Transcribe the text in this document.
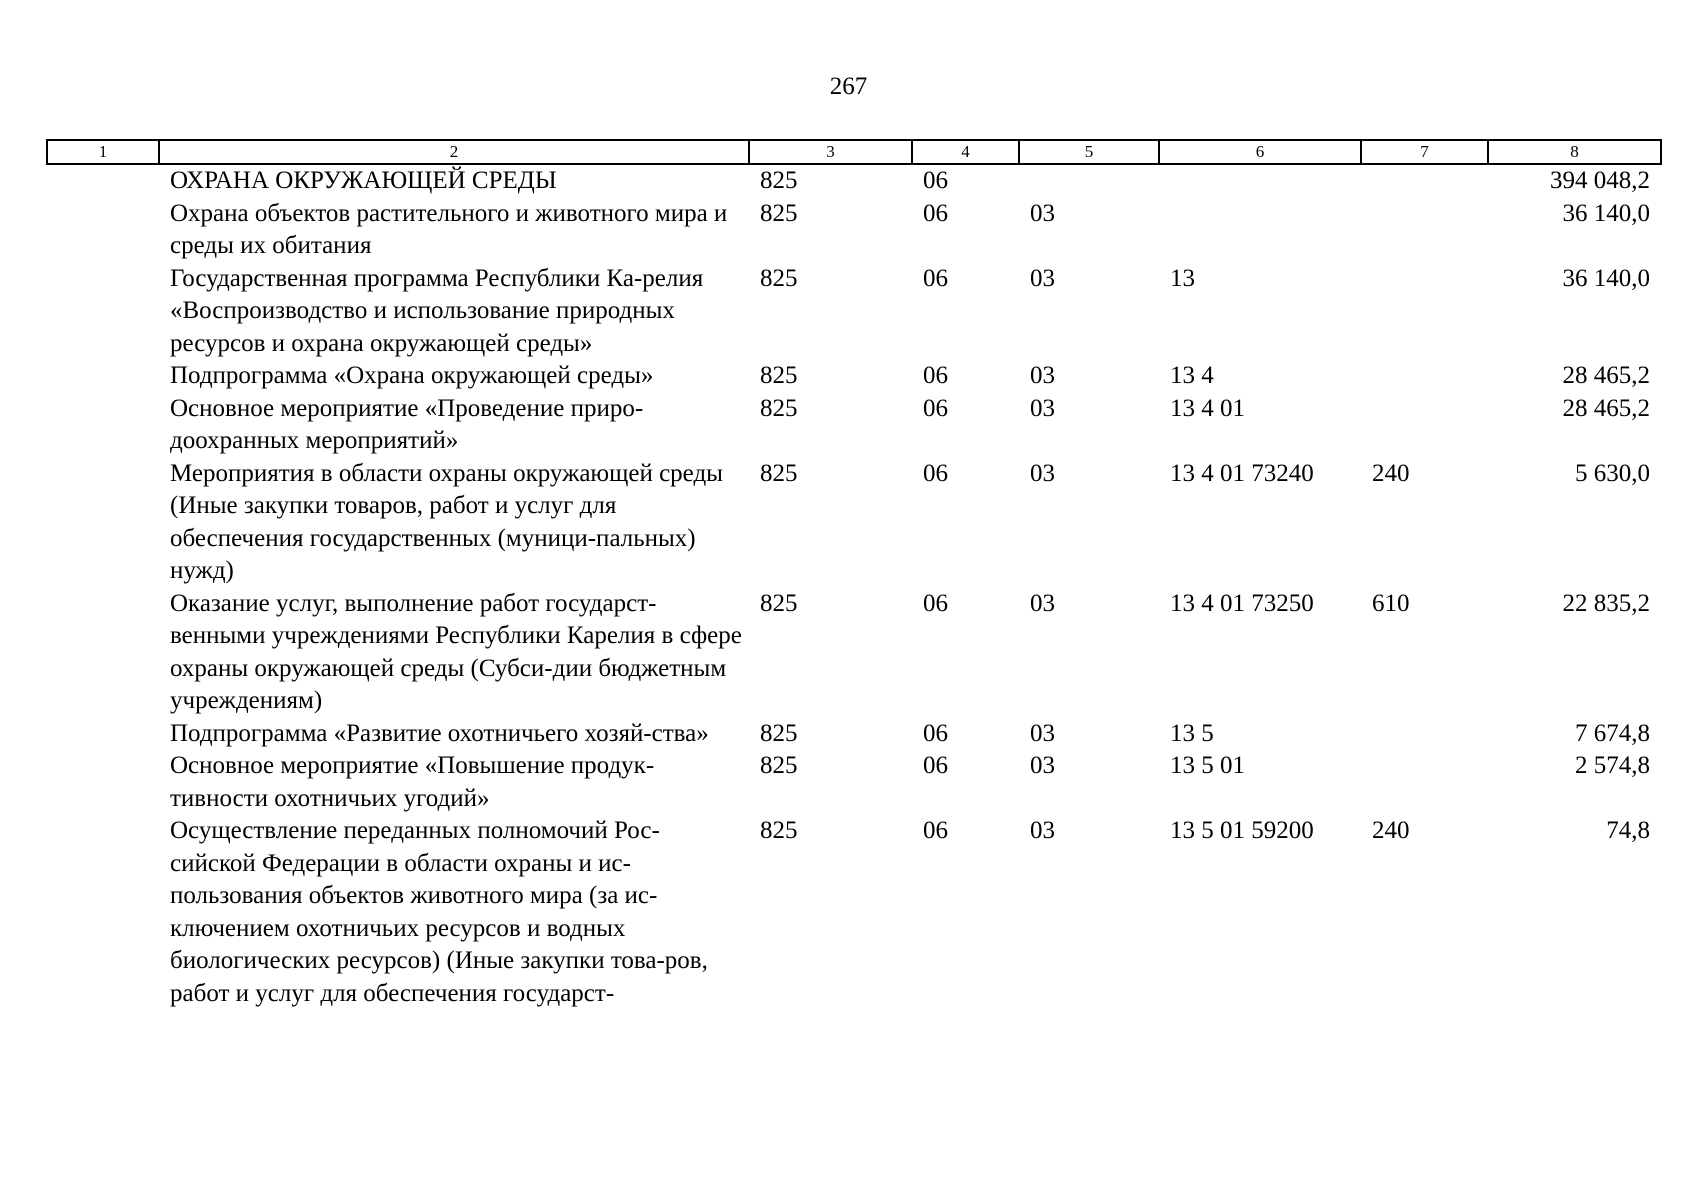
267
1	2	3	4	5	6	7	8
	ОХРАНА ОКРУЖАЮЩЕЙ СРЕДЫ	825	06				394 048,2
	Охрана объектов растительного и животного мира и среды их обитания	825	06	03			36 140,0
	Государственная программа Республики Ка-релия «Воспроизводство и использование природных ресурсов и охрана окружающей среды»	825	06	03	13		36 140,0
	Подпрограмма «Охрана окружающей среды»	825	06	03	13 4		28 465,2
	Основное мероприятие «Проведение приро-доохранных мероприятий»	825	06	03	13 4 01		28 465,2
	Мероприятия в области охраны окружающей среды (Иные закупки товаров, работ и услуг для обеспечения государственных (муници-пальных) нужд)	825	06	03	13 4 01 73240	240	5 630,0
	Оказание услуг, выполнение работ государст-венными учреждениями Республики Карелия в сфере охраны окружающей среды (Субси-дии бюджетным учреждениям)	825	06	03	13 4 01 73250	610	22 835,2
	Подпрограмма «Развитие охотничьего хозяй-ства»	825	06	03	13 5		7 674,8
	Основное мероприятие «Повышение продук-тивности охотничьих угодий»	825	06	03	13 5 01		2 574,8
	Осуществление переданных полномочий Рос-сийской Федерации в области охраны и ис-пользования объектов животного мира (за ис-ключением охотничьих ресурсов и водных биологических ресурсов) (Иные закупки това-ров, работ и услуг для обеспечения государст-	825	06	03	13 5 01 59200	240	74,8
